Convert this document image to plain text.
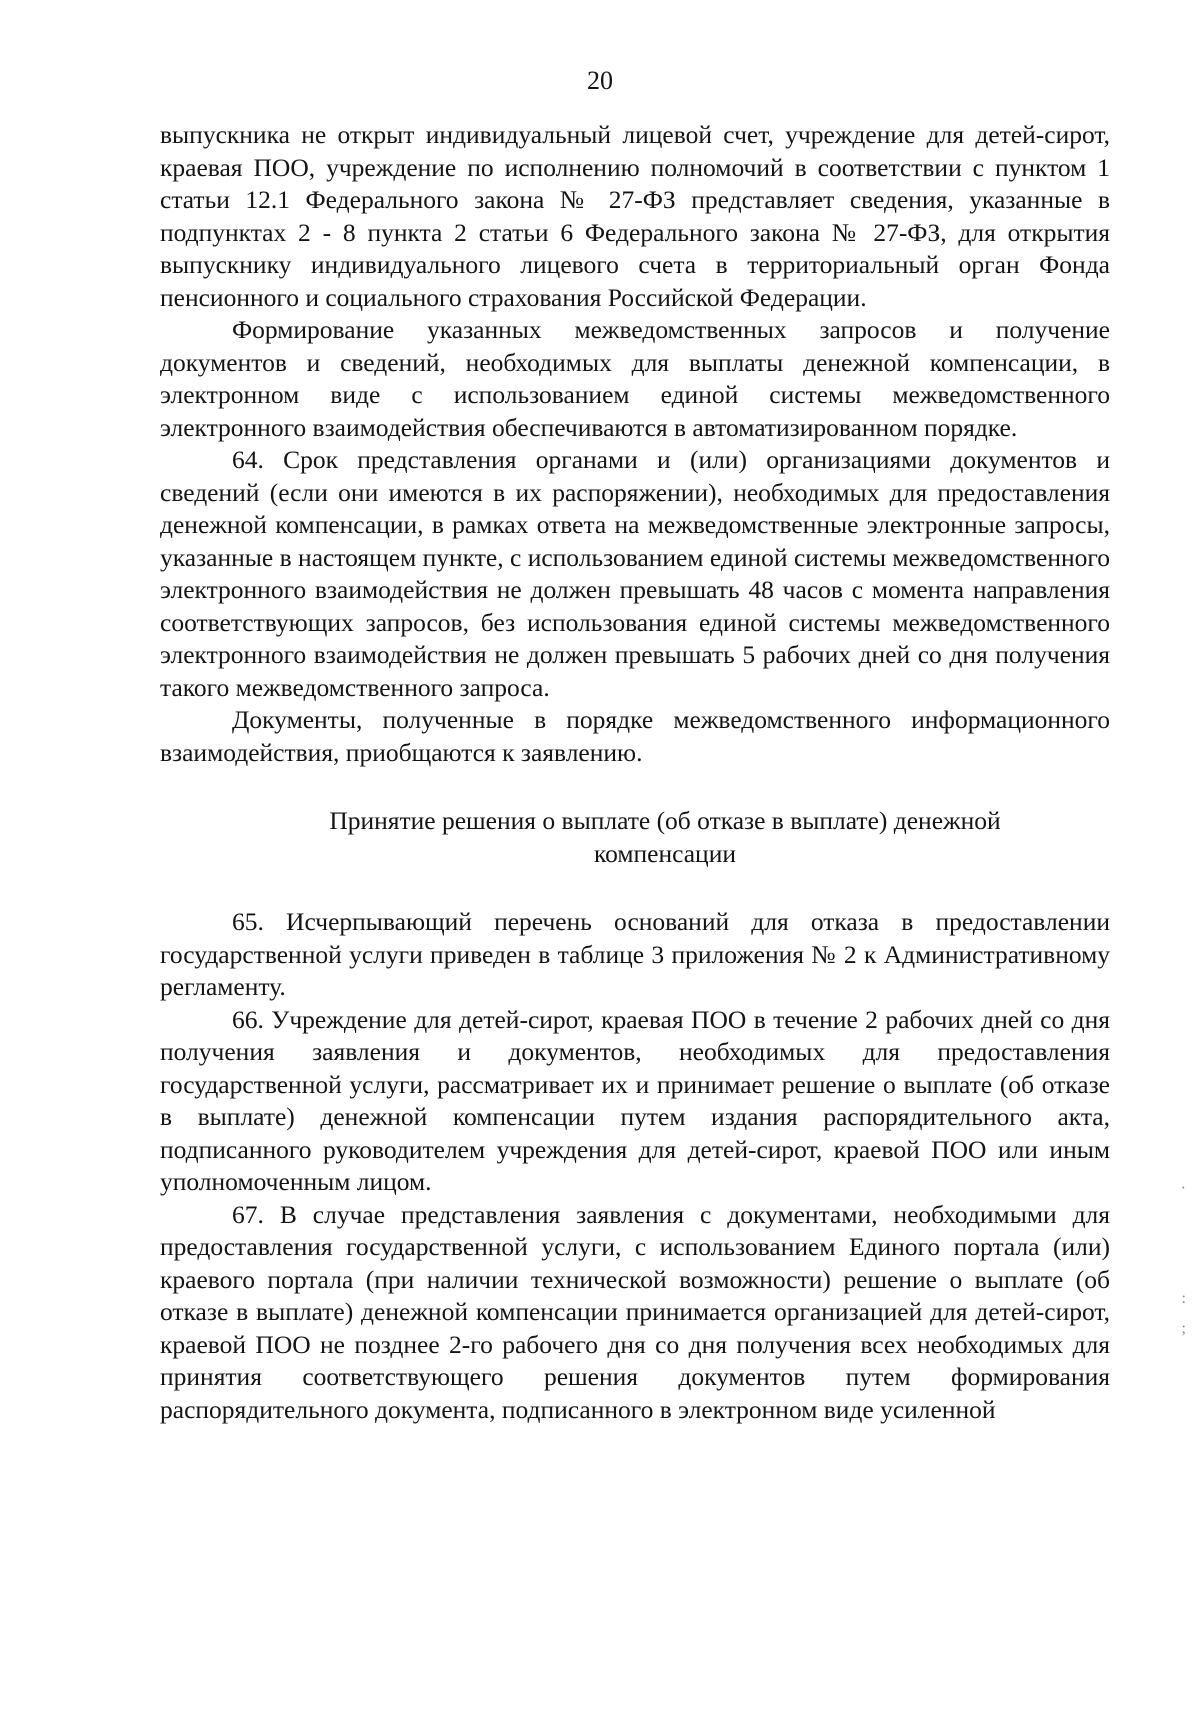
20

выпускника не открыт индивидуальный лицевой счет, учреждение для детей-сирот, краевая ПОО, учреждение по исполнению полномочий в соответствии с пунктом 1 статьи 12.1 Федерального закона № 27-ФЗ представляет сведения, указанные в подпунктах 2 - 8 пункта 2 статьи 6 Федерального закона № 27-ФЗ, для открытия выпускнику индивидуального лицевого счета в территориальный орган Фонда пенсионного и социального страхования Российской Федерации.

Формирование указанных межведомственных запросов и получение документов и сведений, необходимых для выплаты денежной компенсации, в электронном виде с использованием единой системы межведомственного электронного взаимодействия обеспечиваются в автоматизированном порядке.

64. Срок представления органами и (или) организациями документов и сведений (если они имеются в их распоряжении), необходимых для предоставления денежной компенсации, в рамках ответа на межведомственные электронные запросы, указанные в настоящем пункте, с использованием единой системы межведомственного электронного взаимодействия не должен превышать 48 часов с момента направления соответствующих запросов, без использования единой системы межведомственного электронного взаимодействия не должен превышать 5 рабочих дней со дня получения такого межведомственного запроса.

Документы, полученные в порядке межведомственного информационного взаимодействия, приобщаются к заявлению.

Принятие решения о выплате (об отказе в выплате) денежной компенсации

65. Исчерпывающий перечень оснований для отказа в предоставлении государственной услуги приведен в таблице 3 приложения № 2 к Административному регламенту.

66. Учреждение для детей-сирот, краевая ПОО в течение 2 рабочих дней со дня получения заявления и документов, необходимых для предоставления государственной услуги, рассматривает их и принимает решение о выплате (об отказе в выплате) денежной компенсации путем издания распорядительного акта, подписанного руководителем учреждения для детей-сирот, краевой ПОО или иным уполномоченным лицом.

67. В случае представления заявления с документами, необходимыми для предоставления государственной услуги, с использованием Единого портала (или) краевого портала (при наличии технической возможности) решение о выплате (об отказе в выплате) денежной компенсации принимается организацией для детей-сирот, краевой ПОО не позднее 2-го рабочего дня со дня получения всех необходимых для принятия соответствующего решения документов путем формирования распорядительного документа, подписанного в электронном виде усиленной

·
:
;
